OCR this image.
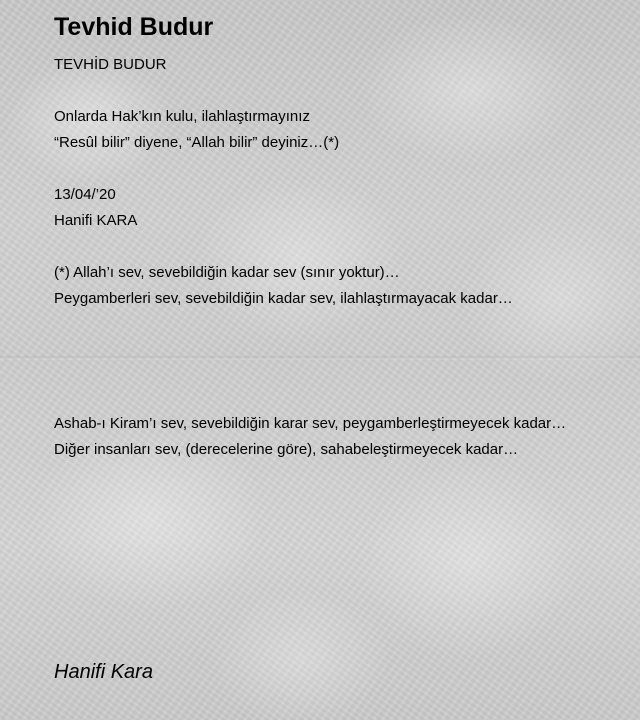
Tevhid Budur
TEVHİD BUDUR
Onlarda Hak’kın kulu, ilahlaştırmayınız
“Resûl bilir” diyene, “Allah bilir” deyiniz…(*)
13/04/’20
Hanifi KARA
(*) Allah’ı sev, sevebildiğin kadar sev (sınır yoktur)…
Peygamberleri sev, sevebildiğin kadar sev, ilahlaştırmayacak kadar…
Ashab-ı Kiram’ı sev, sevebildiğin karar sev, peygamberleştirmeyecek kadar…
Diğer insanları sev, (derecelerine göre), sahabeleştirmeyecek kadar…
Hanifi Kara
